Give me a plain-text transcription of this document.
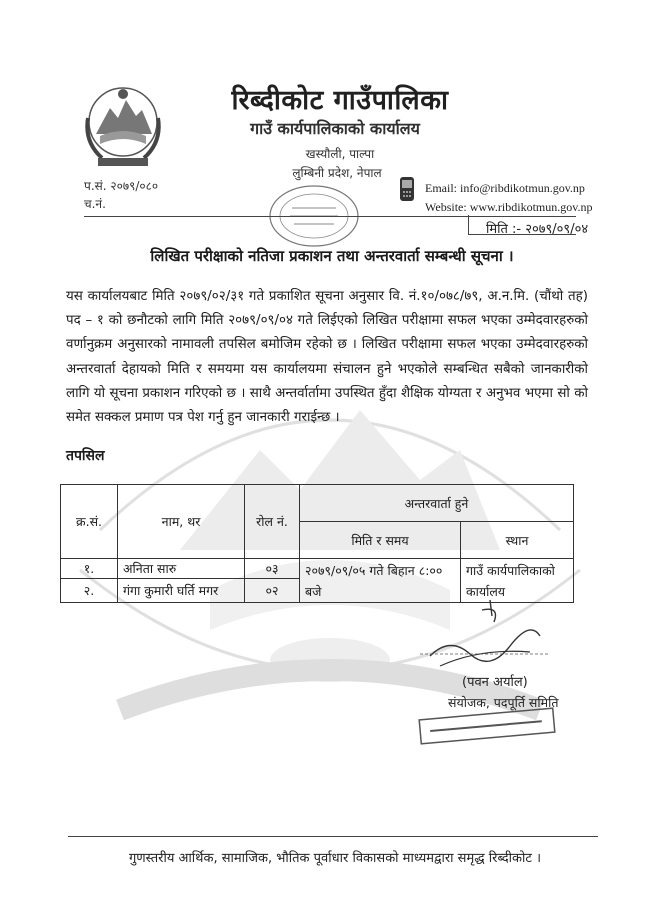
रिब्दीकोट गाउँपालिका
गाउँ कार्यपालिकाको कार्यालय
खस्यौली, पाल्पा
लुम्बिनी प्रदेश, नेपाल
प.सं. २०७९/०८०
च.नं.
Email: info@ribdikotmun.gov.np
Website: www.ribdikotmun.gov.np
मिति :- २०७९/०९/०४
लिखित परीक्षाको नतिजा प्रकाशन तथा अन्तरवार्ता सम्बन्धी सूचना ।
यस कार्यालयबाट मिति २०७९/०२/३१ गते प्रकाशित सूचना अनुसार वि. नं.१०/०७८/७९, अ.न.मि. (चौंथो तह) पद – १ को छनौटको लागि मिति २०७९/०९/०४ गते लिईएको लिखित परीक्षामा सफल भएका उम्मेदवारहरुको वर्णानुक्रम अनुसारको नामावली तपसिल बमोजिम रहेको छ । लिखित परीक्षामा सफल भएका उम्मेदवारहरुको अन्तरवार्ता देहायको मिति र समयमा यस कार्यालयमा संचालन हुने भएकोले सम्बन्धित सबैको जानकारीको लागि यो सूचना प्रकाशन गरिएको छ । साथै अन्तर्वार्तामा उपस्थित हुँदा शैक्षिक योग्यता र अनुभव भएमा सो को समेत सक्कल प्रमाण पत्र पेश गर्नु हुन जानकारी गराईन्छ ।
तपसिल
क्र.सं.	नाम, थर	रोल नं.	अन्तरवार्ता हुने	
			मिति र समय	स्थान
१.	अनिता सारु	०३	२०७९/०९/०५ गते बिहान ८:०० बजे	गाउँ कार्यपालिकाको कार्यालय
२.	गंगा कुमारी घर्ति मगर	०२		
(पवन अर्याल)
संयोजक, पदपूर्ति समिति
गुणस्तरीय आर्थिक, सामाजिक, भौतिक पूर्वाधार विकासको माध्यमद्वारा समृद्ध रिब्दीकोट ।
